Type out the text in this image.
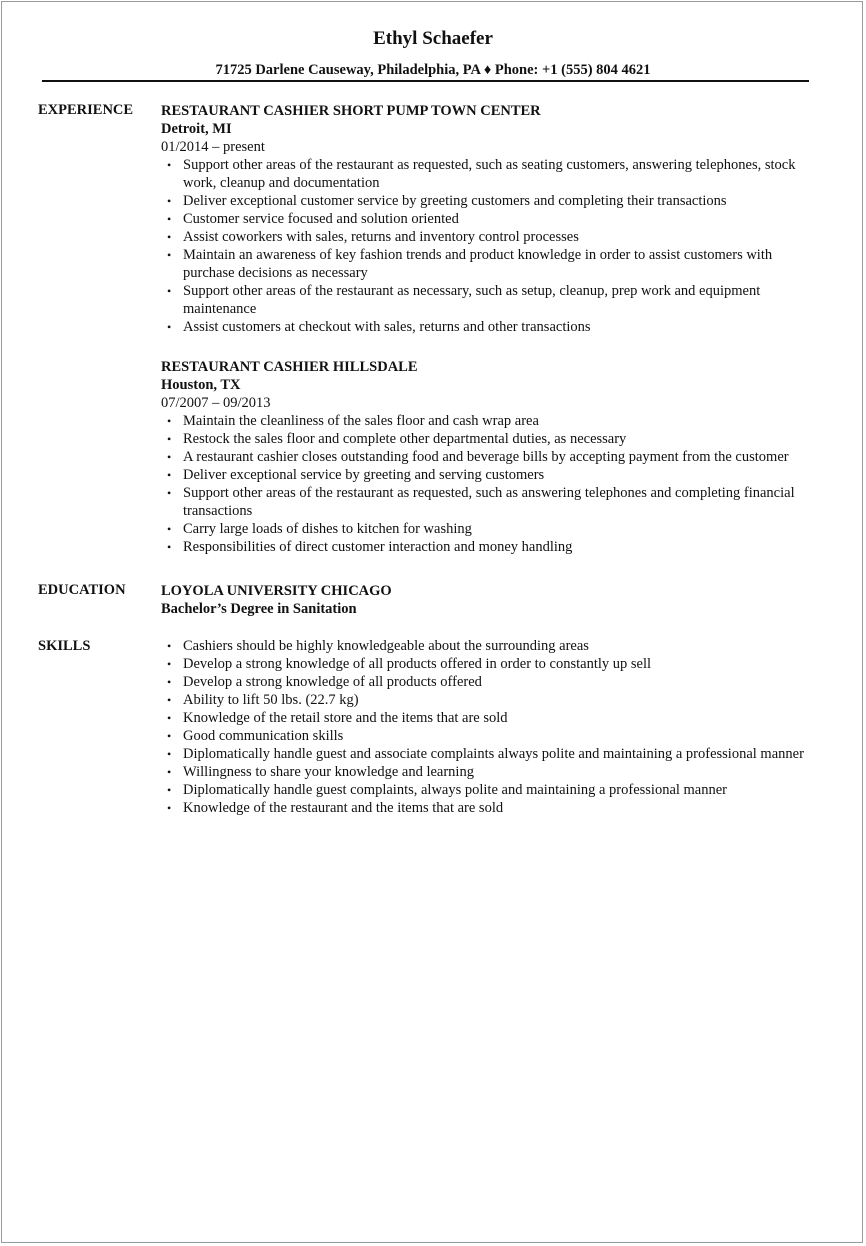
Ethyl Schaefer
71725 Darlene Causeway, Philadelphia, PA ♦ Phone: +1 (555) 804 4621
EXPERIENCE RESTAURANT CASHIER SHORT PUMP TOWN CENTER
Detroit, MI
01/2014 – present
• Support other areas of the restaurant as requested, such as seating customers, answering telephones, stock work, cleanup and documentation
• Deliver exceptional customer service by greeting customers and completing their transactions
• Customer service focused and solution oriented
• Assist coworkers with sales, returns and inventory control processes
• Maintain an awareness of key fashion trends and product knowledge in order to assist customers with purchase decisions as necessary
• Support other areas of the restaurant as necessary, such as setup, cleanup, prep work and equipment maintenance
• Assist customers at checkout with sales, returns and other transactions
RESTAURANT CASHIER HILLSDALE
Houston, TX
07/2007 – 09/2013
• Maintain the cleanliness of the sales floor and cash wrap area
• Restock the sales floor and complete other departmental duties, as necessary
• A restaurant cashier closes outstanding food and beverage bills by accepting payment from the customer
• Deliver exceptional service by greeting and serving customers
• Support other areas of the restaurant as requested, such as answering telephones and completing financial transactions
• Carry large loads of dishes to kitchen for washing
• Responsibilities of direct customer interaction and money handling
EDUCATION LOYOLA UNIVERSITY CHICAGO
Bachelor’s Degree in Sanitation
SKILLS	• Cashiers should be highly knowledgeable about the surrounding areas
• Develop a strong knowledge of all products offered in order to constantly up sell
• Develop a strong knowledge of all products offered
• Ability to lift 50 lbs. (22.7 kg)
• Knowledge of the retail store and the items that are sold
• Good communication skills
• Diplomatically handle guest and associate complaints always polite and maintaining a professional manner
• Willingness to share your knowledge and learning
• Diplomatically handle guest complaints, always polite and maintaining a professional manner
• Knowledge of the restaurant and the items that are sold
